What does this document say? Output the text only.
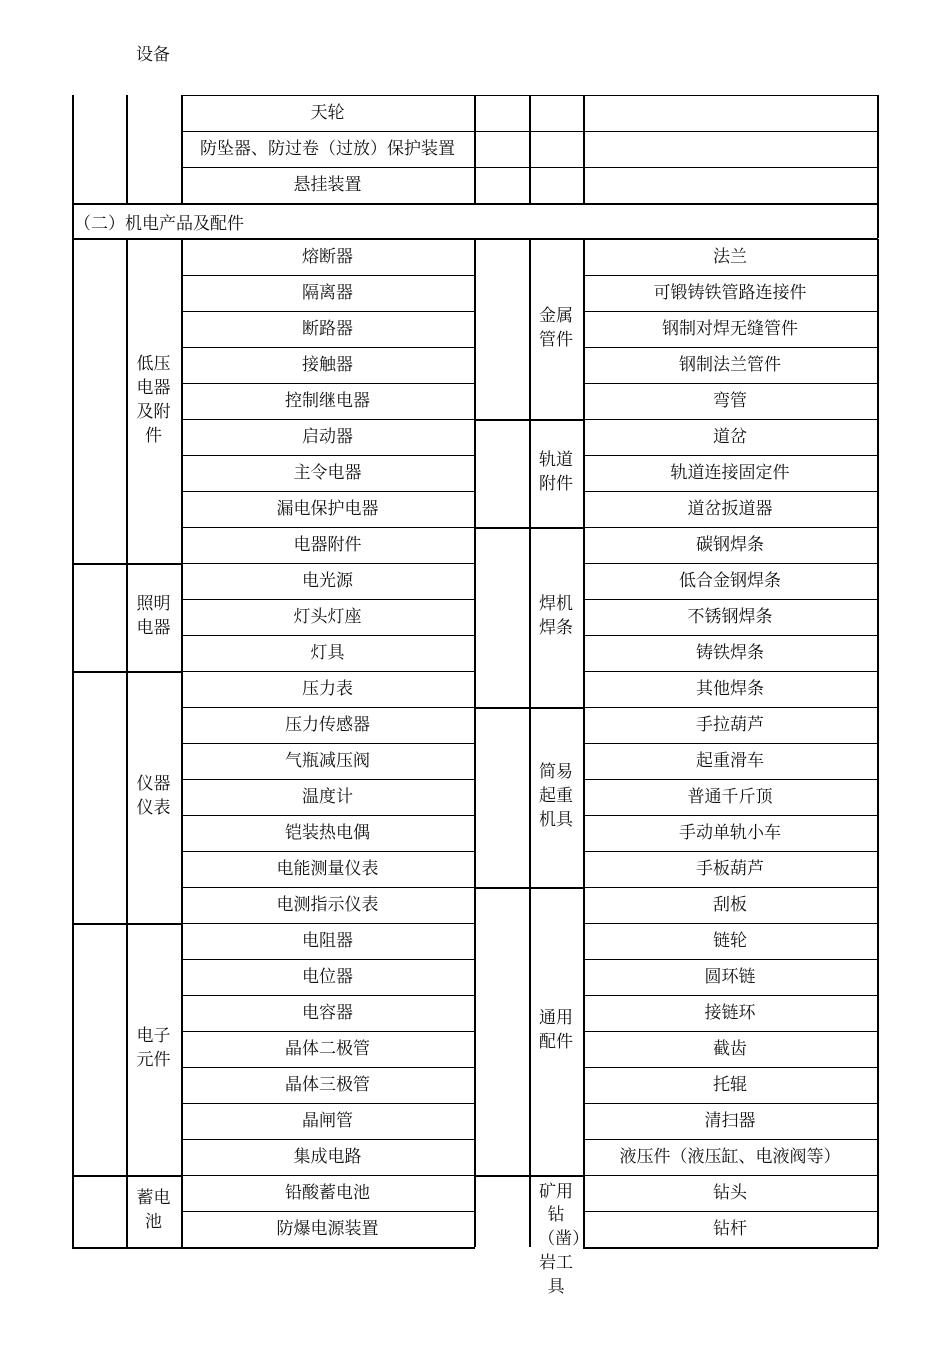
设备
（二）机电产品及配件
天轮
防坠器、防过卷（过放）保护装置
悬挂装置
熔断器
隔离器
断路器
接触器
控制继电器
启动器
主令电器
漏电保护电器
电器附件
电光源
灯头灯座
灯具
压力表
压力传感器
气瓶减压阀
温度计
铠装热电偶
电能测量仪表
电测指示仪表
电阻器
电位器
电容器
晶体二极管
晶体三极管
晶闸管
集成电路
铅酸蓄电池
防爆电源装置
低压电器及附件
照明电器
仪器仪表
电子元件
蓄电池
法兰
可锻铸铁管路连接件
钢制对焊无缝管件
钢制法兰管件
弯管
道岔
轨道连接固定件
道岔扳道器
碳钢焊条
低合金钢焊条
不锈钢焊条
铸铁焊条
其他焊条
手拉葫芦
起重滑车
普通千斤顶
手动单轨小车
手板葫芦
刮板
链轮
圆环链
接链环
截齿
托辊
清扫器
液压件（液压缸、电液阀等）
钻头
钻杆
金属管件
轨道附件
焊机焊条
简易起重机具
通用配件
矿用钻（凿）岩工具
